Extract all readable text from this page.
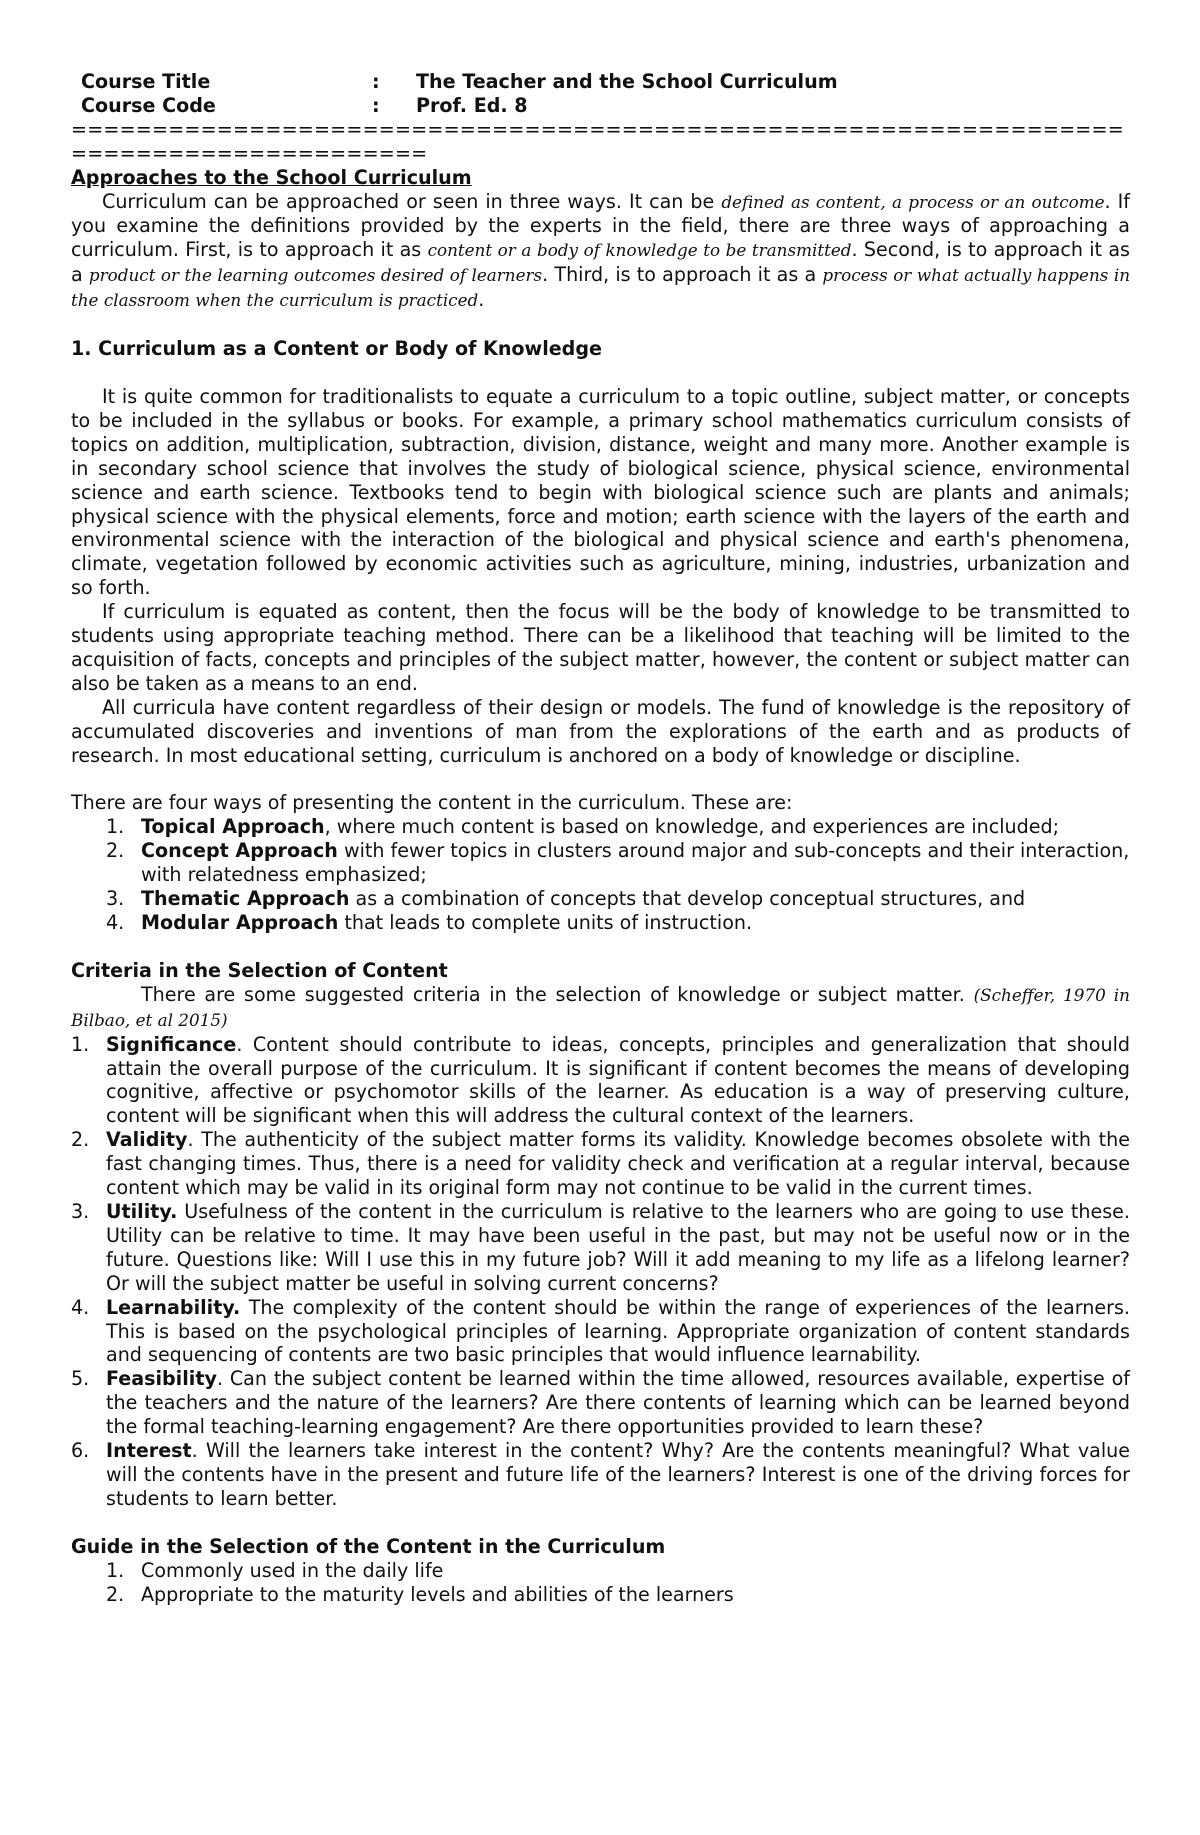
Course Title	:	The Teacher and the School Curriculum
Course Code	:	Prof. Ed. 8
=================================================================
======================
Approaches to the School Curriculum

Curriculum can be approached or seen in three ways. It can be defined as content, a process or an outcome. If you examine the definitions provided by the experts in the field, there are three ways of approaching a curriculum. First, is to approach it as content or a body of knowledge to be transmitted. Second, is to approach it as a product or the learning outcomes desired of learners. Third, is to approach it as a process or what actually happens in the classroom when the curriculum is practiced.

1. Curriculum as a Content or Body of Knowledge

It is quite common for traditionalists to equate a curriculum to a topic outline, subject matter, or concepts to be included in the syllabus or books. For example, a primary school mathematics curriculum consists of topics on addition, multiplication, subtraction, division, distance, weight and many more. Another example is in secondary school science that involves the study of biological science, physical science, environmental science and earth science. Textbooks tend to begin with biological science such are plants and animals; physical science with the physical elements, force and motion; earth science with the layers of the earth and environmental science with the interaction of the biological and physical science and earth's phenomena, climate, vegetation followed by economic activities such as agriculture, mining, industries, urbanization and so forth.

If curriculum is equated as content, then the focus will be the body of knowledge to be transmitted to students using appropriate teaching method. There can be a likelihood that teaching will be limited to the acquisition of facts, concepts and principles of the subject matter, however, the content or subject matter can also be taken as a means to an end.

All curricula have content regardless of their design or models. The fund of knowledge is the repository of accumulated discoveries and inventions of man from the explorations of the earth and as products of research. In most educational setting, curriculum is anchored on a body of knowledge or discipline.

There are four ways of presenting the content in the curriculum. These are:

1. Topical Approach, where much content is based on knowledge, and experiences are included;
2. Concept Approach with fewer topics in clusters around major and sub-concepts and their interaction, with relatedness emphasized;
3. Thematic Approach as a combination of concepts that develop conceptual structures, and
4. Modular Approach that leads to complete units of instruction.
Criteria in the Selection of Content

There are some suggested criteria in the selection of knowledge or subject matter. (Scheffer, 1970 in Bilbao, et al 2015)

1. Significance. Content should contribute to ideas, concepts, principles and generalization that should attain the overall purpose of the curriculum. It is significant if content becomes the means of developing cognitive, affective or psychomotor skills of the learner. As education is a way of preserving culture, content will be significant when this will address the cultural context of the learners.
2. Validity. The authenticity of the subject matter forms its validity. Knowledge becomes obsolete with the fast changing times. Thus, there is a need for validity check and verification at a regular interval, because content which may be valid in its original form may not continue to be valid in the current times.
3. Utility. Usefulness of the content in the curriculum is relative to the learners who are going to use these. Utility can be relative to time. It may have been useful in the past, but may not be useful now or in the future. Questions like: Will I use this in my future job? Will it add meaning to my life as a lifelong learner? Or will the subject matter be useful in solving current concerns?
4. Learnability. The complexity of the content should be within the range of experiences of the learners. This is based on the psychological principles of learning. Appropriate organization of content standards and sequencing of contents are two basic principles that would influence learnability.
5. Feasibility. Can the subject content be learned within the time allowed, resources available, expertise of the teachers and the nature of the learners? Are there contents of learning which can be learned beyond the formal teaching-learning engagement? Are there opportunities provided to learn these?
6. Interest. Will the learners take interest in the content? Why? Are the contents meaningful? What value will the contents have in the present and future life of the learners? Interest is one of the driving forces for students to learn better.
Guide in the Selection of the Content in the Curriculum
1. Commonly used in the daily life
2. Appropriate to the maturity levels and abilities of the learners
